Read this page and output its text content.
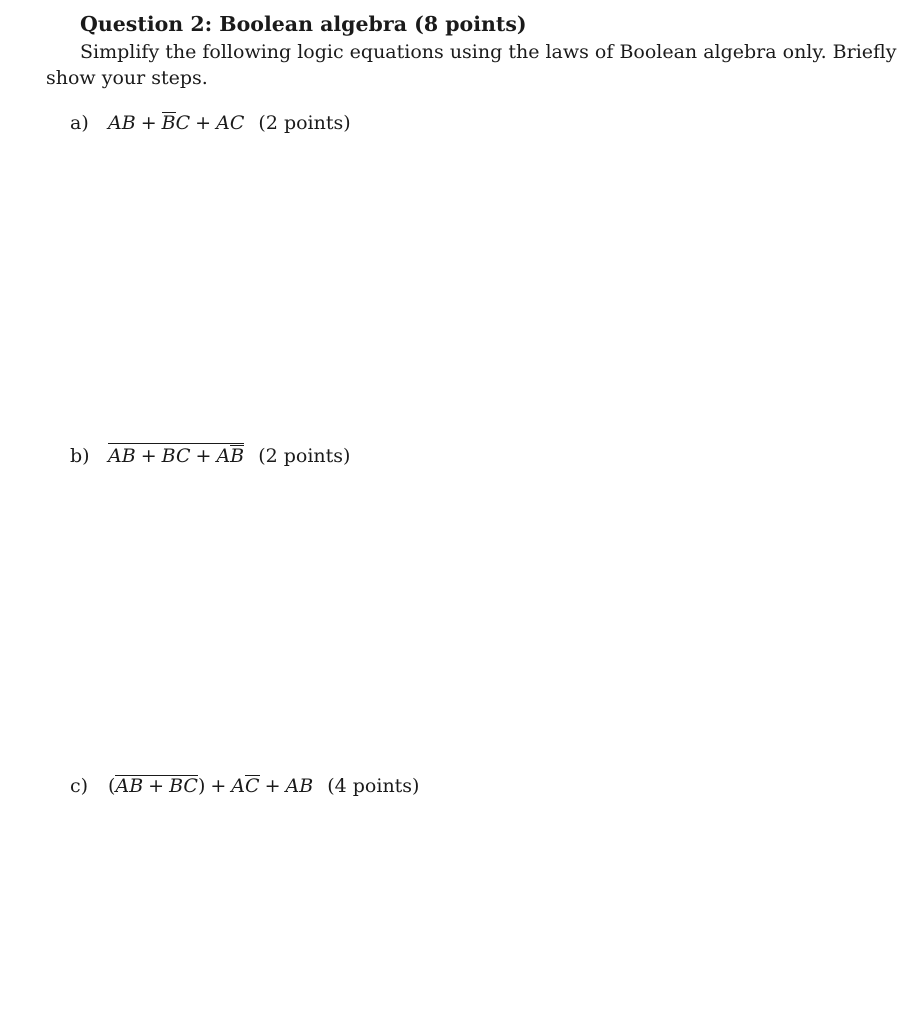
Question 2: Boolean algebra (8 points)
Simplify the following logic equations using the laws of Boolean algebra only. Briefly
show your steps.
a) AB + BC + AC (2 points)
b) AB + BC + AB (2 points)
c) (AB + BC) + AC + AB (4 points)
